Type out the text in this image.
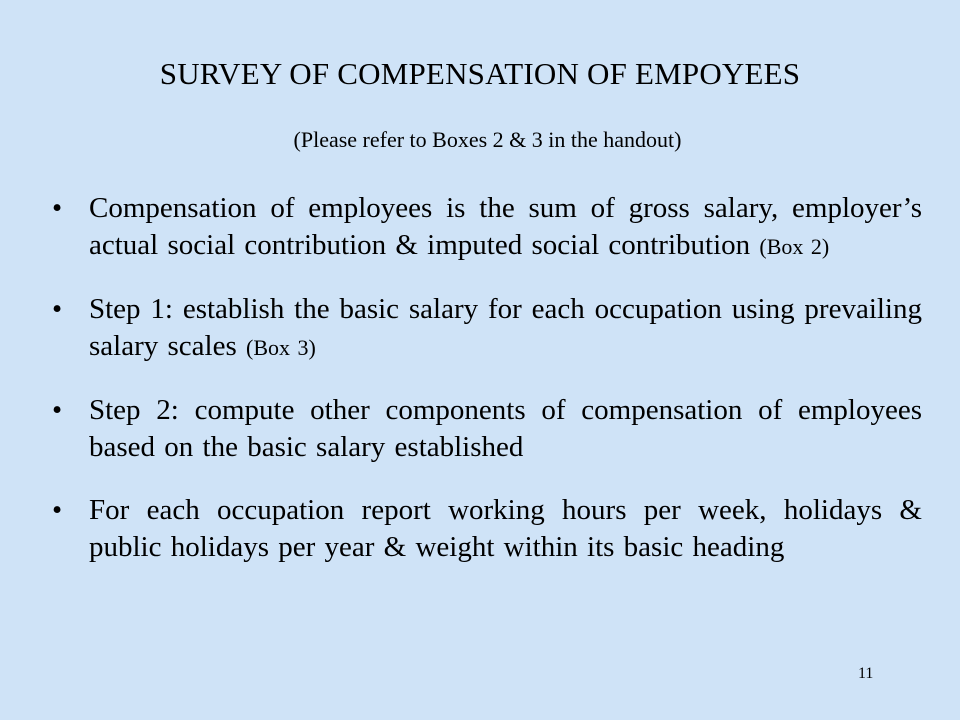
SURVEY OF COMPENSATION OF EMPOYEES
(Please refer to Boxes 2 & 3 in the handout)
• Compensation of employees is the sum of gross salary, employer’s actual social contribution & imputed social contribution (Box 2)
• Step 1: establish the basic salary for each occupation using prevailing salary scales (Box 3)
• Step 2: compute other components of compensation of employees based on the basic salary established
• For each occupation report working hours per week, holidays & public holidays per year & weight within its basic heading
11
